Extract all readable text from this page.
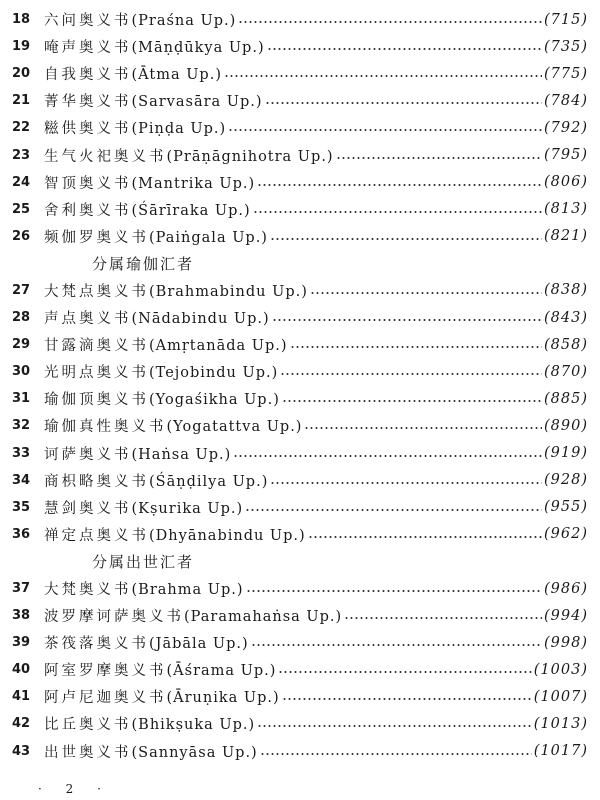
18 六问奥义书(Praśna Up.)	(715)
19 唵声奥义书(Māṇḍūkya Up.)	(735)
20 自我奥义书(Ātma Up.)	(775)
21 菁华奥义书(Sarvasāra Up.)	(784)
22 糍供奥义书(Piṇḍa Up.)	(792)
23 生气火祀奥义书(Prāṇāgnihotra Up.)	(795)
24 智顶奥义书(Mantrika Up.)	(806)
25 舍利奥义书(Śārīraka Up.)	(813)
26 频伽罗奥义书(Paiṅgala Up.)	(821)
分属瑜伽汇者
27 大梵点奥义书(Brahmabindu Up.)	(838)
28 声点奥义书(Nādabindu Up.)	(843)
29 甘露滴奥义书(Amṛtanāda Up.)	(858)
30 光明点奥义书(Tejobindu Up.)	(870)
31 瑜伽顶奥义书(Yogaśikha Up.)	(885)
32 瑜伽真性奥义书(Yogatattva Up.)	(890)
33 诃萨奥义书(Haṅsa Up.)	(919)
34 商枳略奥义书(Śāṇḍilya Up.)	(928)
35 慧剑奥义书(Kṣurika Up.)	(955)
36 禅定点奥义书(Dhyānabindu Up.)	(962)
分属出世汇者
37 大梵奥义书(Brahma Up.)	(986)
38 波罗摩诃萨奥义书(Paramahaṅsa Up.)	(994)
39 茶筏落奥义书(Jābāla Up.)	(998)
40 阿室罗摩奥义书(Āśrama Up.)	(1003)
41 阿卢尼迦奥义书(Āruṇika Up.)	(1007)
42 比丘奥义书(Bhikṣuka Up.)	(1013)
43 出世奥义书(Sannyāsa Up.)	(1017)
· 2 ·
